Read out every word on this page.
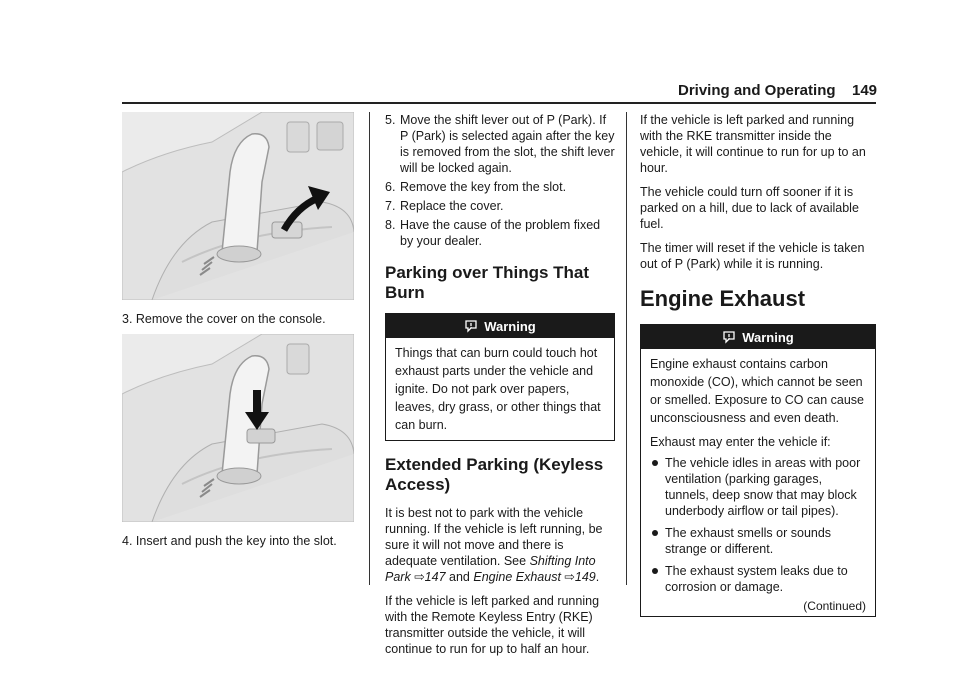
Driving and Operating 149
3. Remove the cover on the console.
4. Insert and push the key into the slot.
5. Move the shift lever out of P (Park). If P (Park) is selected again after the key is removed from the slot, the shift lever will be locked again.
6. Remove the key from the slot.
7. Replace the cover.
8. Have the cause of the problem fixed by your dealer.
Parking over Things That Burn
Warning
Things that can burn could touch hot exhaust parts under the vehicle and ignite. Do not park over papers, leaves, dry grass, or other things that can burn.
Extended Parking (Keyless Access)

It is best not to park with the vehicle running. If the vehicle is left running, be sure it will not move and there is adequate ventilation. See Shifting Into Park ⇨147 and Engine Exhaust ⇨149.

If the vehicle is left parked and running with the Remote Keyless Entry (RKE) transmitter outside the vehicle, it will continue to run for up to half an hour.

If the vehicle is left parked and running with the RKE transmitter inside the vehicle, it will continue to run for up to an hour.

The vehicle could turn off sooner if it is parked on a hill, due to lack of available fuel.

The timer will reset if the vehicle is taken out of P (Park) while it is running.

Engine Exhaust
Warning
Engine exhaust contains carbon monoxide (CO), which cannot be seen or smelled. Exposure to CO can cause unconsciousness and even death.
Exhaust may enter the vehicle if:
The vehicle idles in areas with poor ventilation (parking garages, tunnels, deep snow that may block underbody airflow or tail pipes).
The exhaust smells or sounds strange or different.
The exhaust system leaks due to corrosion or damage.
(Continued)
